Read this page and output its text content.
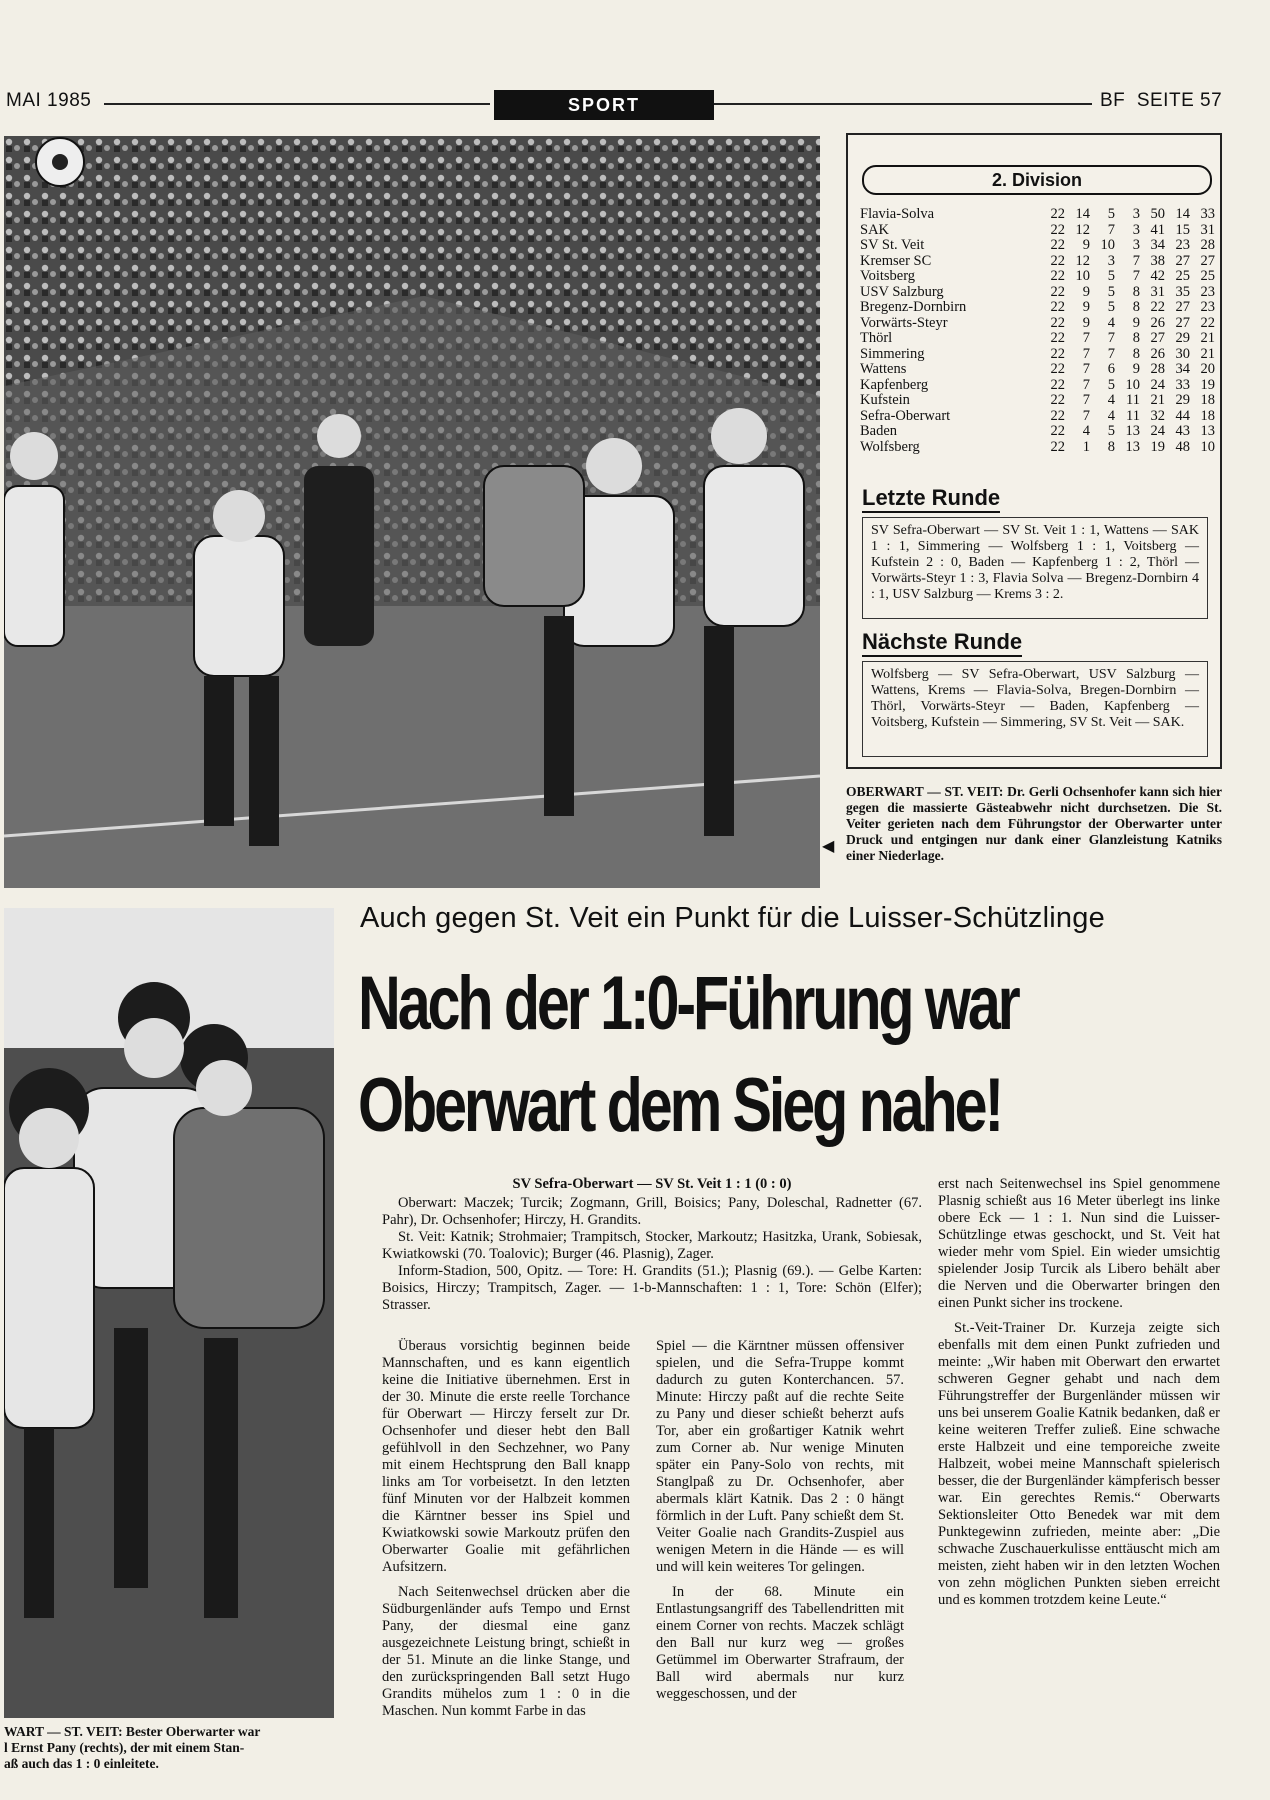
MAI 1985	SPORT	BF  SEITE 57
2. Division
Flavia-Solva	22	14	5	3	50	14	33
SAK	22	12	7	3	41	15	31
SV St. Veit	22	9	10	3	34	23	28
Kremser SC	22	12	3	7	38	27	27
Voitsberg	22	10	5	7	42	25	25
USV Salzburg	22	9	5	8	31	35	23
Bregenz-Dornbirn	22	9	5	8	22	27	23
Vorwärts-Steyr	22	9	4	9	26	27	22
Thörl	22	7	7	8	27	29	21
Simmering	22	7	7	8	26	30	21
Wattens	22	7	6	9	28	34	20
Kapfenberg	22	7	5	10	24	33	19
Kufstein	22	7	4	11	21	29	18
Sefra-Oberwart	22	7	4	11	32	44	18
Baden	22	4	5	13	24	43	13
Wolfsberg	22	1	8	13	19	48	10
Letzte Runde
SV Sefra-Oberwart — SV St. Veit 1 : 1, Wattens — SAK 1 : 1, Simmering — Wolfsberg 1 : 1, Voitsberg — Kufstein 2 : 0, Baden — Kapfenberg 1 : 2, Thörl — Vorwärts-Steyr 1 : 3, Flavia Solva — Bregenz-Dornbirn 4 : 1, USV Salzburg — Krems 3 : 2.
Nächste Runde
Wolfsberg — SV Sefra-Oberwart, USV Salzburg — Wattens, Krems — Flavia-Solva, Bregen-Dornbirn — Thörl, Vorwärts-Steyr — Baden, Kapfenberg — Voitsberg, Kufstein — Simmering, SV St. Veit — SAK.
◀
OBERWART — ST. VEIT: Dr. Gerli Ochsenhofer kann sich hier gegen die massierte Gästeabwehr nicht durchsetzen. Die St. Veiter gerieten nach dem Führungstor der Oberwarter unter Druck und entgingen nur dank einer Glanzleistung Katniks einer Niederlage.
WART — ST. VEIT: Bester Oberwarter war
l Ernst Pany (rechts), der mit einem Stan-
aß auch das 1 : 0 einleitete.
Auch gegen St. Veit ein Punkt für die Luisser-Schützlinge
Nach der 1:0-Führung war
Oberwart dem Sieg nahe!

SV Sefra-Oberwart — SV St. Veit 1 : 1 (0 : 0)

Oberwart: Maczek; Turcik; Zogmann, Grill, Boisics; Pany, Doleschal, Radnetter (67. Pahr), Dr. Ochsenhofer; Hirczy, H. Grandits.

St. Veit: Katnik; Strohmaier; Trampitsch, Stocker, Markoutz; Hasitzka, Urank, Sobiesak, Kwiatkowski (70. Toalovic); Burger (46. Plasnig), Zager.

Inform-Stadion, 500, Opitz. — Tore: H. Grandits (51.); Plasnig (69.). — Gelbe Karten: Boisics, Hirczy; Trampitsch, Zager. — 1-b-Mannschaften: 1 : 1, Tore: Schön (Elfer); Strasser.

Überaus vorsichtig beginnen beide Mannschaften, und es kann eigentlich keine die Initiative übernehmen. Erst in der 30. Minute die erste reelle Torchance für Oberwart — Hirczy ferselt zur Dr. Ochsenhofer und dieser hebt den Ball gefühlvoll in den Sechzehner, wo Pany mit einem Hechtsprung den Ball knapp links am Tor vorbeisetzt. In den letzten fünf Minuten vor der Halbzeit kommen die Kärntner besser ins Spiel und Kwiatkowski sowie Markoutz prüfen den Oberwarter Goalie mit gefährlichen Aufsitzern.

Nach Seitenwechsel drücken aber die Südburgenländer aufs Tempo und Ernst Pany, der diesmal eine ganz ausgezeichnete Leistung bringt, schießt in der 51. Minute an die linke Stange, und den zurückspringenden Ball setzt Hugo Grandits mühelos zum 1 : 0 in die Maschen. Nun kommt Farbe in das

Spiel — die Kärntner müssen offensiver spielen, und die Sefra-Truppe kommt dadurch zu guten Konterchancen. 57. Minute: Hirczy paßt auf die rechte Seite zu Pany und dieser schießt beherzt aufs Tor, aber ein großartiger Katnik wehrt zum Corner ab. Nur wenige Minuten später ein Pany-Solo von rechts, mit Stanglpaß zu Dr. Ochsenhofer, aber abermals klärt Katnik. Das 2 : 0 hängt förmlich in der Luft. Pany schießt dem St. Veiter Goalie nach Grandits-Zuspiel aus wenigen Metern in die Hände — es will und will kein weiteres Tor gelingen.

In der 68. Minute ein Entlastungsangriff des Tabellendritten mit einem Corner von rechts. Maczek schlägt den Ball nur kurz weg — großes Getümmel im Oberwarter Strafraum, der Ball wird abermals nur kurz weggeschossen, und der

erst nach Seitenwechsel ins Spiel genommene Plasnig schießt aus 16 Meter überlegt ins linke obere Eck — 1 : 1. Nun sind die Luisser-Schützlinge etwas geschockt, und St. Veit hat wieder mehr vom Spiel. Ein wieder umsichtig spielender Josip Turcik als Libero behält aber die Nerven und die Oberwarter bringen den einen Punkt sicher ins trockene.

St.-Veit-Trainer Dr. Kurzeja zeigte sich ebenfalls mit dem einen Punkt zufrieden und meinte: „Wir haben mit Oberwart den erwartet schweren Gegner gehabt und nach dem Führungstreffer der Burgenländer müssen wir uns bei unserem Goalie Katnik bedanken, daß er keine weiteren Treffer zuließ. Eine schwache erste Halbzeit und eine temporeiche zweite Halbzeit, wobei meine Mannschaft spielerisch besser, die der Burgenländer kämpferisch besser war. Ein gerechtes Remis.“ Oberwarts Sektionsleiter Otto Benedek war mit dem Punktegewinn zufrieden, meinte aber: „Die schwache Zuschauerkulisse enttäuscht mich am meisten, zieht haben wir in den letzten Wochen von zehn möglichen Punkten sieben erreicht und es kommen trotzdem keine Leute.“
